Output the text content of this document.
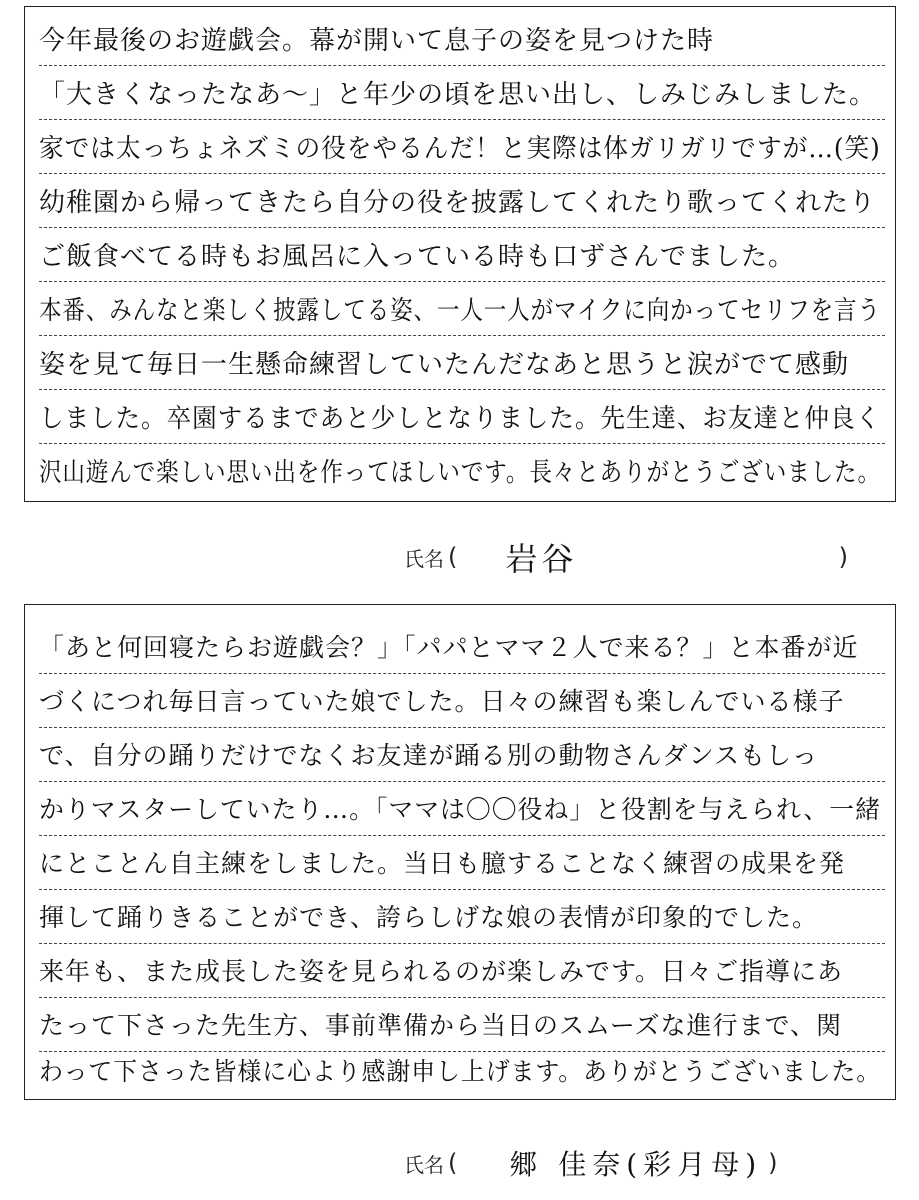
今年最後のお遊戯会。幕が開いて息子の姿を見つけた時
「大きくなったなあ〜」と年少の頃を思い出し、しみじみしました。
家では太っちょネズミの役をやるんだ！と実際は体ガリガリですが…(笑)
幼稚園から帰ってきたら自分の役を披露してくれたり歌ってくれたり
ご飯食べてる時もお風呂に入っている時も口ずさんでました。
本番、みんなと楽しく披露してる姿、一人一人がマイクに向かってセリフを言う
姿を見て毎日一生懸命練習していたんだなあと思うと涙がでて感動
しました。卒園するまであと少しとなりました。先生達、お友達と仲良く
沢山遊んで楽しい思い出を作ってほしいです。長々とありがとうございました。
氏名 ( 岩谷	)
「あと何回寝たらお遊戯会？」「パパとママ２人で来る？」と本番が近
づくにつれ毎日言っていた娘でした。日々の練習も楽しんでいる様子
で、自分の踊りだけでなくお友達が踊る別の動物さんダンスもしっ
かりマスターしていたり…。「ママは〇〇役ね」と役割を与えられ、一緒
にとことん自主練をしました。当日も臆することなく練習の成果を発
揮して踊りきることができ、誇らしげな娘の表情が印象的でした。
来年も、また成長した姿を見られるのが楽しみです。日々ご指導にあ
たって下さった先生方、事前準備から当日のスムーズな進行まで、関
わって下さった皆様に心より感謝申し上げます。ありがとうございました。
氏名 ( 郷 佳奈(彩月母) )
